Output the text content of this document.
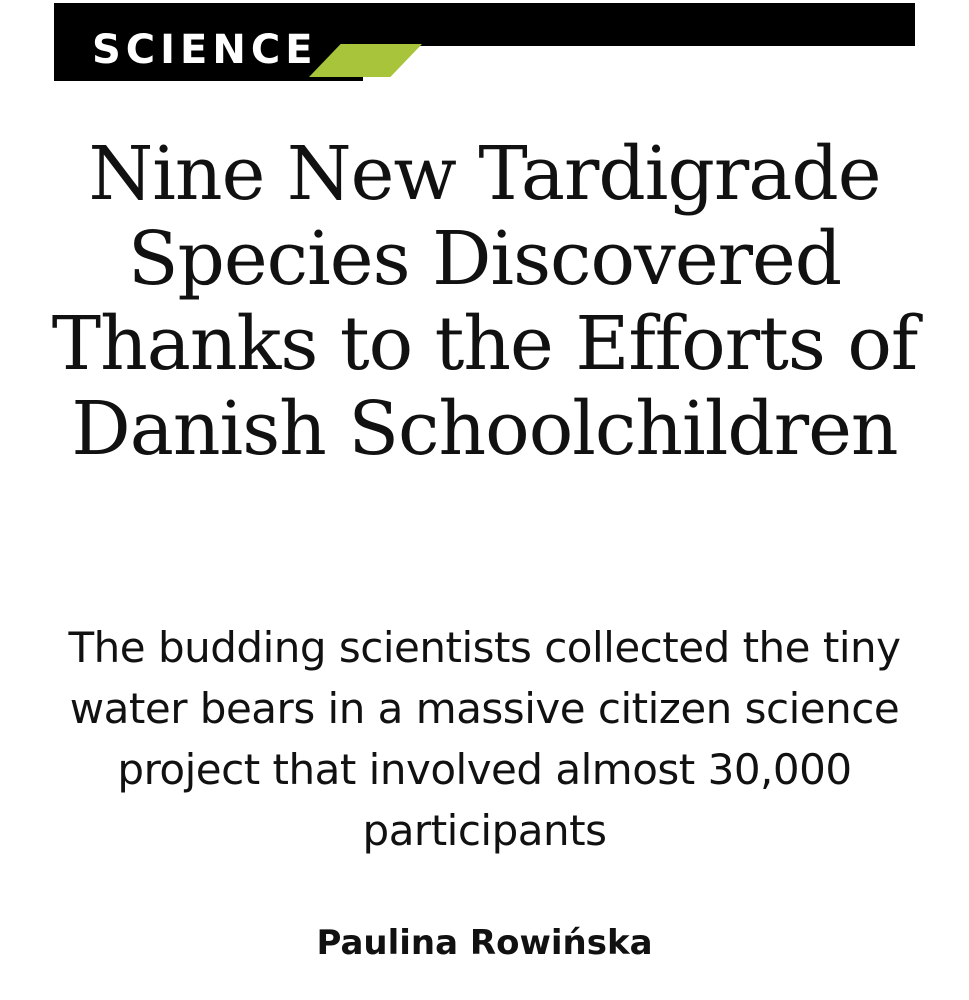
SCIENCE
Nine New Tardigrade Species Discovered Thanks to the Efforts of Danish Schoolchildren

The budding scientists collected the tiny water bears in a massive citizen science project that involved almost 30,000 participants

Paulina Rowińska
